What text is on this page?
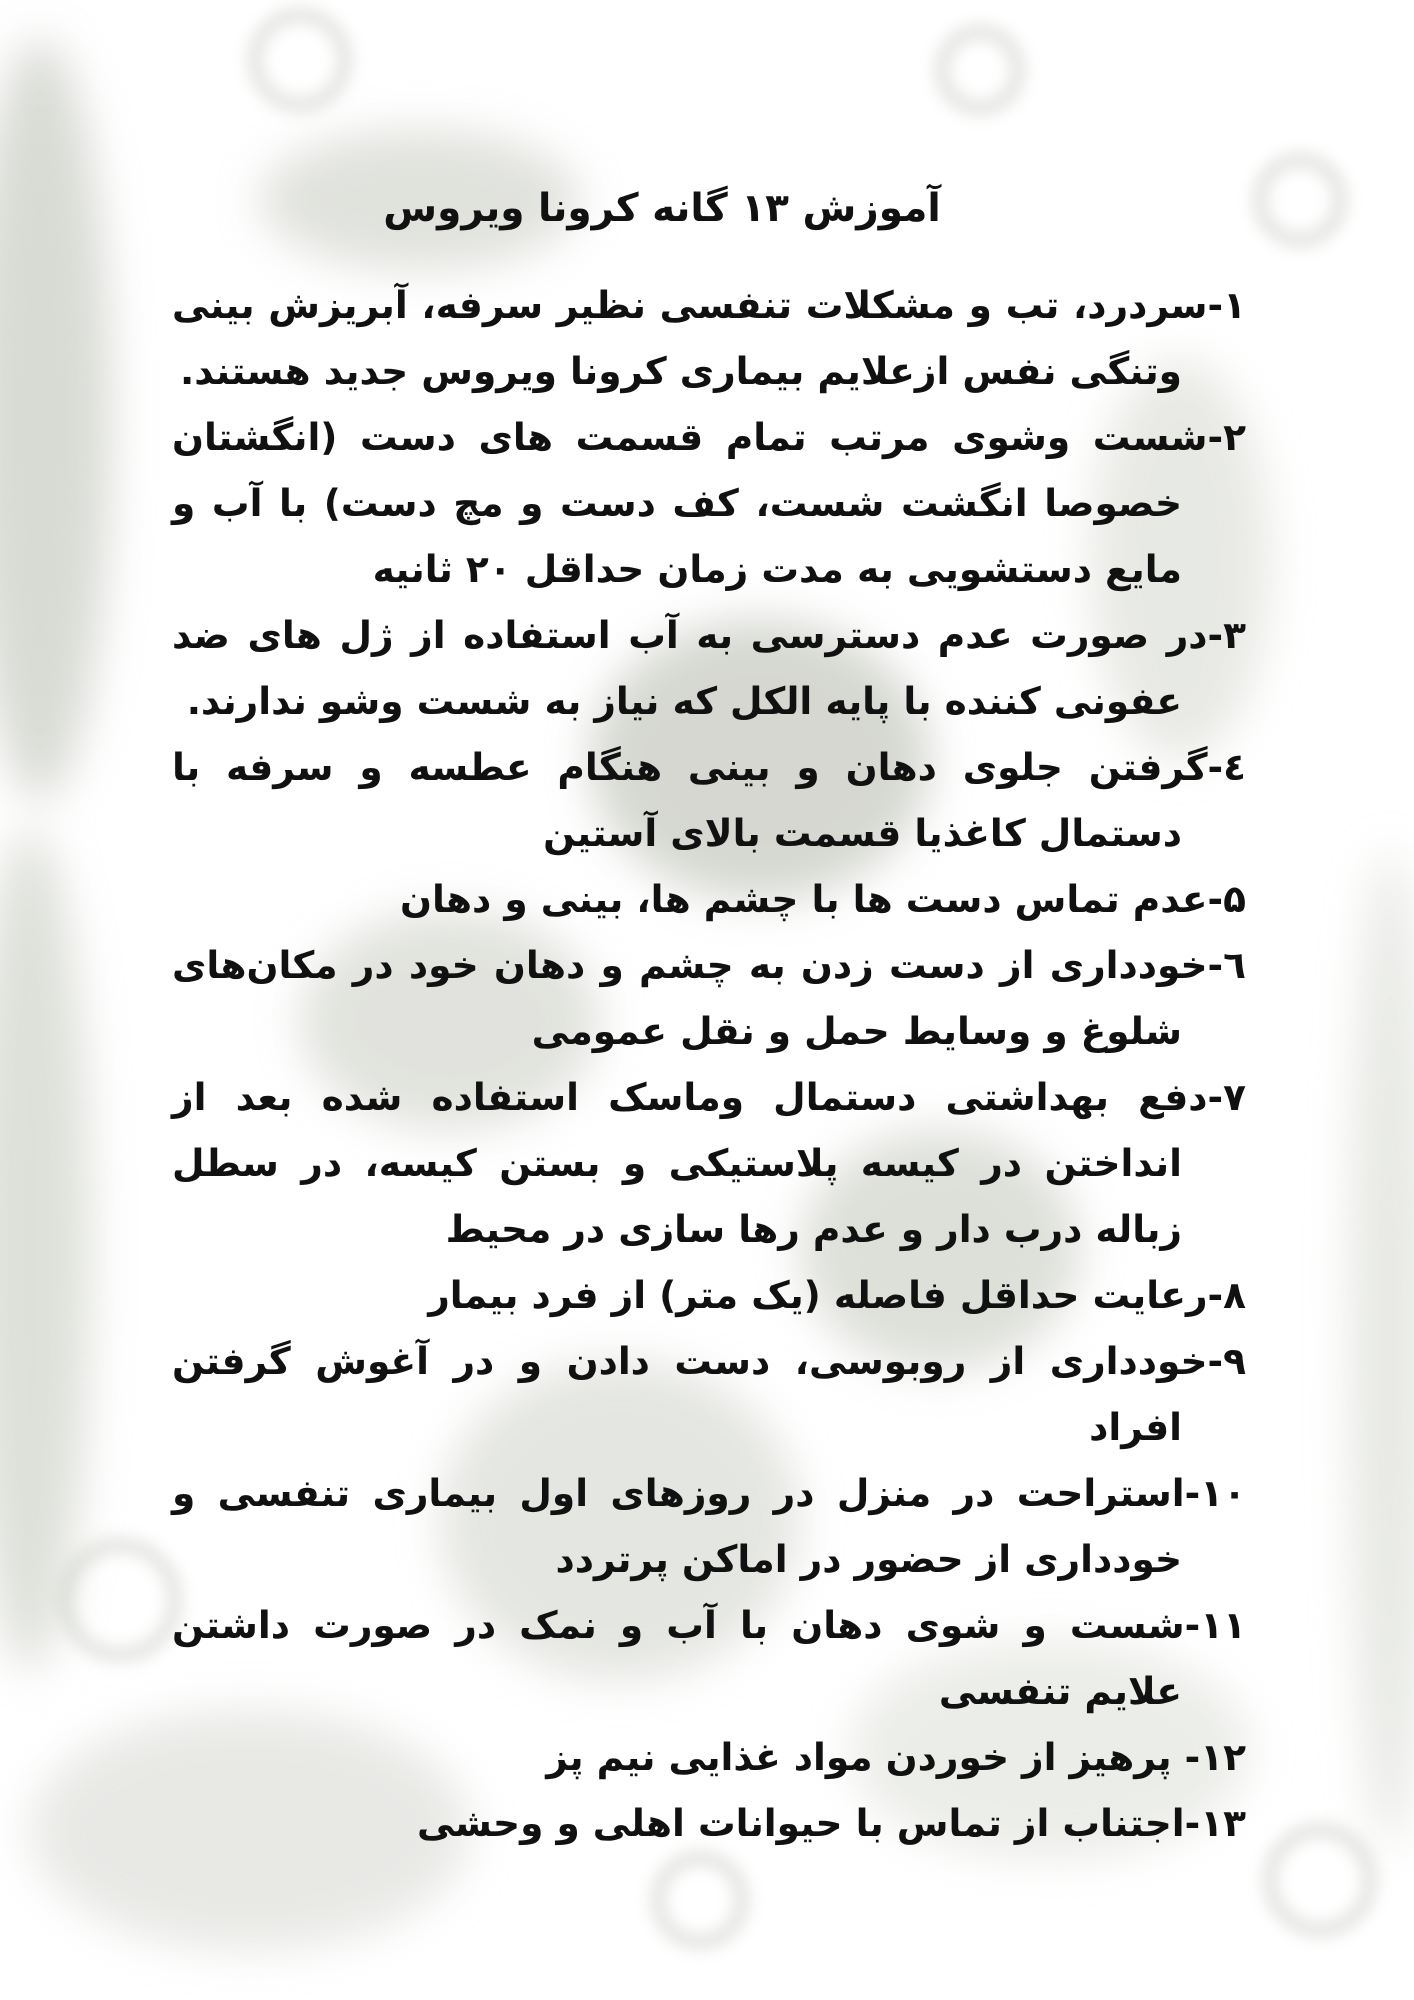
آموزش ۱۳ گانه کرونا ویروس
۱-سردرد، تب و مشکلات تنفسی نظیر سرفه، آبریزش بینی وتنگی نفس ازعلایم بیماری کرونا ویروس جدید هستند.
۲-شست وشوی مرتب تمام قسمت های دست (انگشتان خصوصا انگشت شست، کف دست و مچ دست) با آب و مایع دستشویی به مدت زمان حداقل ۲۰ ثانیه
۳-در صورت عدم دسترسی به آب استفاده از ژل های ضد عفونی کننده با پایه الکل که نیاز به شست وشو ندارند.
٤-گرفتن جلوی دهان و بینی هنگام عطسه و سرفه با دستمال کاغذیا قسمت بالای آستین
۵-عدم تماس دست ها با چشم ها، بینی و دهان
٦-خودداری از دست زدن به چشم و دهان خود در مکان‌های شلوغ و وسایط حمل و نقل عمومی
۷-دفع بهداشتی دستمال وماسک استفاده شده بعد از انداختن در کیسه پلاستیکی و بستن کیسه، در سطل زباله درب دار و عدم رها سازی در محیط
۸-رعایت حداقل فاصله (یک متر) از فرد بیمار
۹-خودداری از روبوسی، دست دادن و در آغوش گرفتن افراد
۱۰-استراحت در منزل در روزهای اول بیماری تنفسی و خودداری از حضور در اماکن پرتردد
۱۱-شست و شوی دهان با آب و نمک در صورت داشتن علایم تنفسی
۱۲- پرهیز از خوردن مواد غذایی نیم پز
۱۳-اجتناب از تماس با حیوانات اهلی و وحشی
